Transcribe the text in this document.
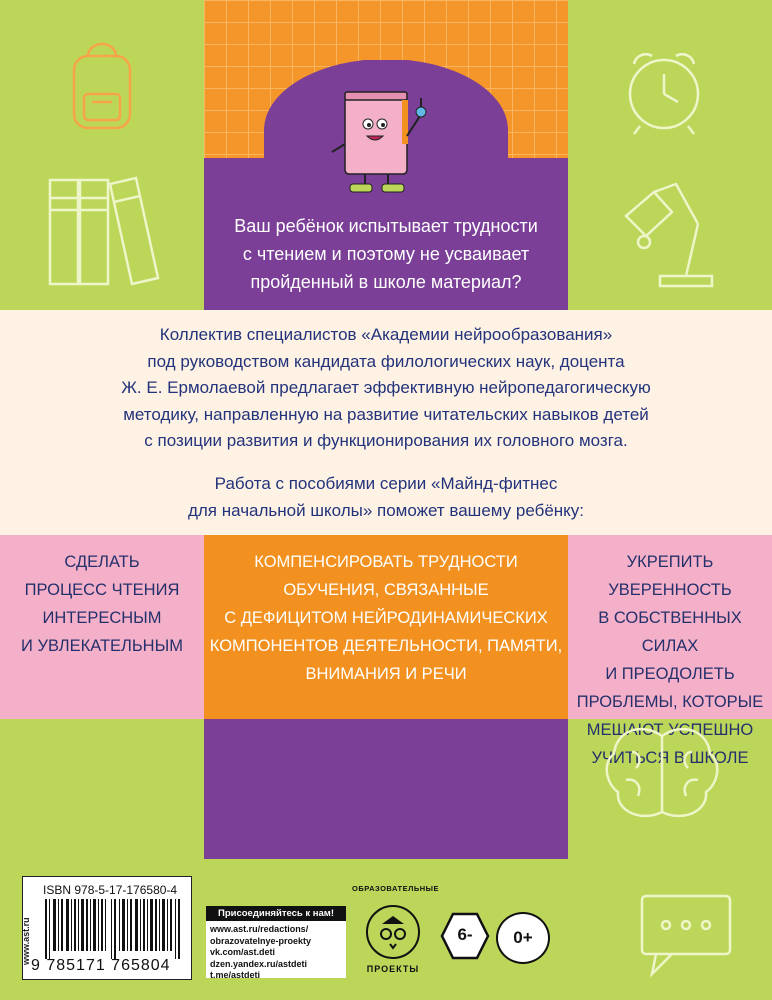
Ваш ребёнок испытывает трудности
с чтением и поэтому не усваивает
пройденный в школе материал?
Коллектив специалистов «Академии нейрообразования»
под руководством кандидата филологических наук, доцента
Ж. Е. Ермолаевой предлагает эффективную нейропедагогическую
методику, направленную на развитие читательских навыков детей
с позиции развития и функционирования их головного мозга.
Работа с пособиями серии «Майнд-фитнес
для начальной школы» поможет вашему ребёнку:
СДЕЛАТЬ
ПРОЦЕСС ЧТЕНИЯ
ИНТЕРЕСНЫМ
И УВЛЕКАТЕЛЬНЫМ
КОМПЕНСИРОВАТЬ ТРУДНОСТИ
ОБУЧЕНИЯ, СВЯЗАННЫЕ
С ДЕФИЦИТОМ НЕЙРОДИНАМИЧЕСКИХ
КОМПОНЕНТОВ ДЕЯТЕЛЬНОСТИ, ПАМЯТИ,
ВНИМАНИЯ И РЕЧИ
УКРЕПИТЬ УВЕРЕННОСТЬ
В СОБСТВЕННЫХ СИЛАХ
И ПРЕОДОЛЕТЬ
ПРОБЛЕМЫ, КОТОРЫЕ
МЕШАЮТ УСПЕШНО
УЧИТЬСЯ В ШКОЛЕ
www.ast.ru
ISBN 978-5-17-176580-4
9 785171 765804
Присоединяйтесь к нам!
www.ast.ru/redactions/
obrazovatelnye-proekty
vk.com/ast.deti
dzen.yandex.ru/astdeti
t.me/astdeti
ОБРАЗОВАТЕЛЬНЫЕ
ПРОЕКТЫ
6-	0+
